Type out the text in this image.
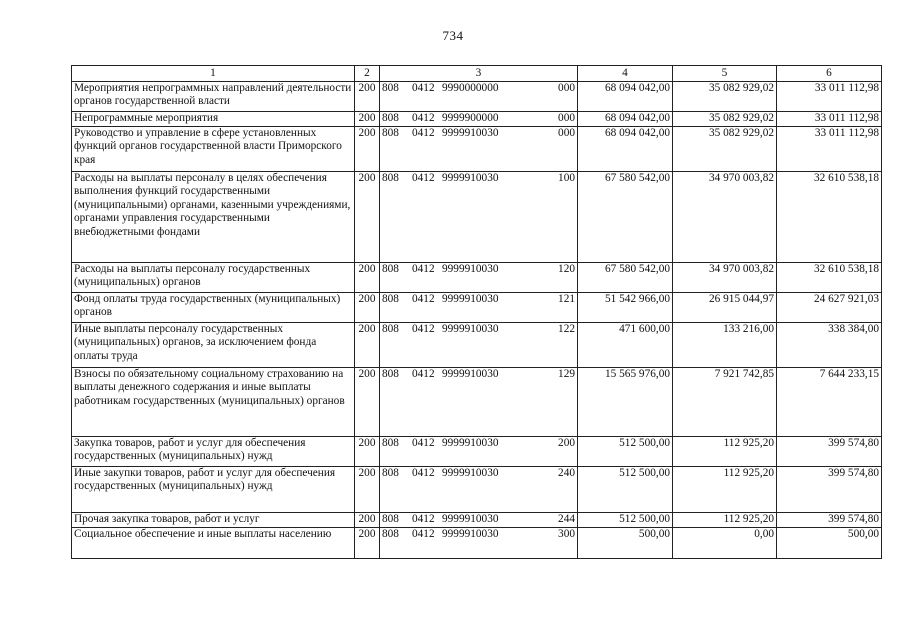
734
1	2	3	4	5	6
Мероприятия непрограммных направлений деятельности органов государственной власти	200	808 0412 9990000000 000	68 094 042,00	35 082 929,02	33 011 112,98
Непрограммные мероприятия	200	808 0412 9999900000 000	68 094 042,00	35 082 929,02	33 011 112,98
Руководство и управление в сфере установленных функций органов государственной власти Приморского края	200	808 0412 9999910030 000	68 094 042,00	35 082 929,02	33 011 112,98
Расходы на выплаты персоналу в целях обеспечения выполнения функций государственными (муниципальными) органами, казенными учреждениями, органами управления государственными внебюджетными фондами	200	808 0412 9999910030 100	67 580 542,00	34 970 003,82	32 610 538,18
Расходы на выплаты персоналу государственных (муниципальных) органов	200	808 0412 9999910030 120	67 580 542,00	34 970 003,82	32 610 538,18
Фонд оплаты труда государственных (муниципальных) органов	200	808 0412 9999910030 121	51 542 966,00	26 915 044,97	24 627 921,03
Иные выплаты персоналу государственных (муниципальных) органов, за исключением фонда оплаты труда	200	808 0412 9999910030 122	471 600,00	133 216,00	338 384,00
Взносы по обязательному социальному страхованию на выплаты денежного содержания и иные выплаты работникам государственных (муниципальных) органов	200	808 0412 9999910030 129	15 565 976,00	7 921 742,85	7 644 233,15
Закупка товаров, работ и услуг для обеспечения государственных (муниципальных) нужд	200	808 0412 9999910030 200	512 500,00	112 925,20	399 574,80
Иные закупки товаров, работ и услуг для обеспечения государственных (муниципальных) нужд	200	808 0412 9999910030 240	512 500,00	112 925,20	399 574,80
Прочая закупка товаров, работ и услуг	200	808 0412 9999910030 244	512 500,00	112 925,20	399 574,80
Социальное обеспечение и иные выплаты населению	200	808 0412 9999910030 300	500,00	0,00	500,00
